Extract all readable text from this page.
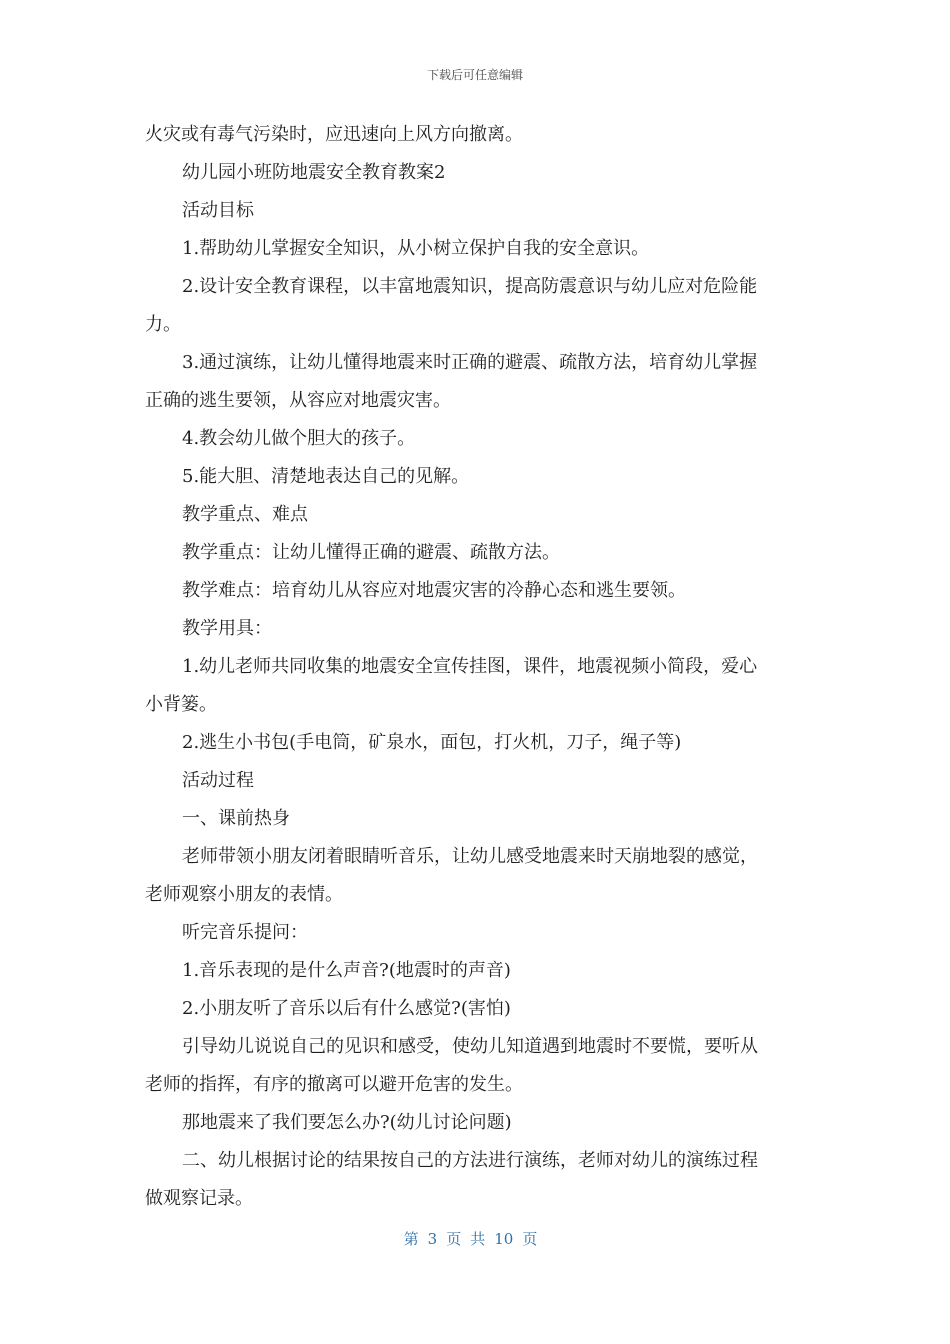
下载后可任意编辑

火灾或有毒气污染时，应迅速向上风方向撤离。

幼儿园小班防地震安全教育教案2

活动目标

1.帮助幼儿掌握安全知识，从小树立保护自我的安全意识。

2.设计安全教育课程，以丰富地震知识，提高防震意识与幼儿应对危险能

力。

3.通过演练，让幼儿懂得地震来时正确的避震、疏散方法，培育幼儿掌握

正确的逃生要领，从容应对地震灾害。

4.教会幼儿做个胆大的孩子。

5.能大胆、清楚地表达自己的见解。

教学重点、难点

教学重点：让幼儿懂得正确的避震、疏散方法。

教学难点：培育幼儿从容应对地震灾害的冷静心态和逃生要领。

教学用具：

1.幼儿老师共同收集的地震安全宣传挂图，课件，地震视频小简段，爱心

小背篓。

2.逃生小书包(手电筒，矿泉水，面包，打火机，刀子，绳子等)

活动过程

一、课前热身

老师带领小朋友闭着眼睛听音乐，让幼儿感受地震来时天崩地裂的感觉，

老师观察小朋友的表情。

听完音乐提问：

1.音乐表现的是什么声音?(地震时的声音)

2.小朋友听了音乐以后有什么感觉?(害怕)

引导幼儿说说自己的见识和感受，使幼儿知道遇到地震时不要慌，要听从

老师的指挥，有序的撤离可以避开危害的发生。

那地震来了我们要怎么办?(幼儿讨论问题)

二、幼儿根据讨论的结果按自己的方法进行演练，老师对幼儿的演练过程

做观察记录。

第 3 页 共 10 页
